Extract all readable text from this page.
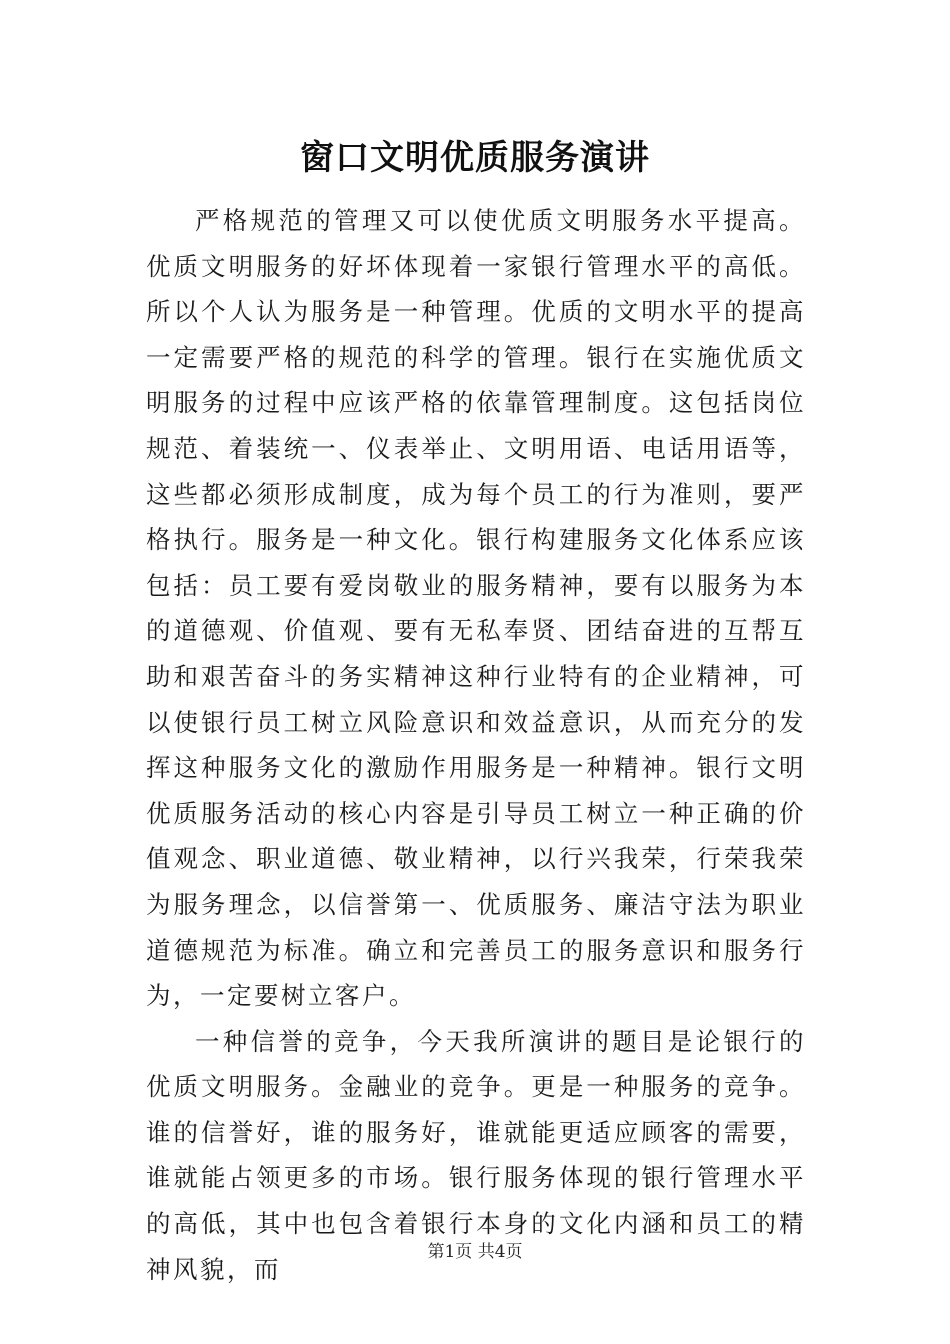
窗口文明优质服务演讲

严格规范的管理又可以使优质文明服务水平提高。优质文明服务的好坏体现着一家银行管理水平的高低。所以个人认为服务是一种管理。优质的文明水平的提高一定需要严格的规范的科学的管理。银行在实施优质文明服务的过程中应该严格的依靠管理制度。这包括岗位规范、着装统一、仪表举止、文明用语、电话用语等，这些都必须形成制度，成为每个员工的行为准则，要严格执行。服务是一种文化。银行构建服务文化体系应该包括：员工要有爱岗敬业的服务精神，要有以服务为本的道德观、价值观、要有无私奉贤、团结奋进的互帮互助和艰苦奋斗的务实精神这种行业特有的企业精神，可以使银行员工树立风险意识和效益意识，从而充分的发挥这种服务文化的激励作用服务是一种精神。银行文明优质服务活动的核心内容是引导员工树立一种正确的价值观念、职业道德、敬业精神，以行兴我荣，行荣我荣为服务理念，以信誉第一、优质服务、廉洁守法为职业道德规范为标准。确立和完善员工的服务意识和服务行为，一定要树立客户。

一种信誉的竞争，今天我所演讲的题目是论银行的优质文明服务。金融业的竞争。更是一种服务的竞争。谁的信誉好，谁的服务好，谁就能更适应顾客的需要，谁就能占领更多的市场。银行服务体现的银行管理水平的高低，其中也包含着银行本身的文化内涵和员工的精神风貌，而

第1页 共4页
